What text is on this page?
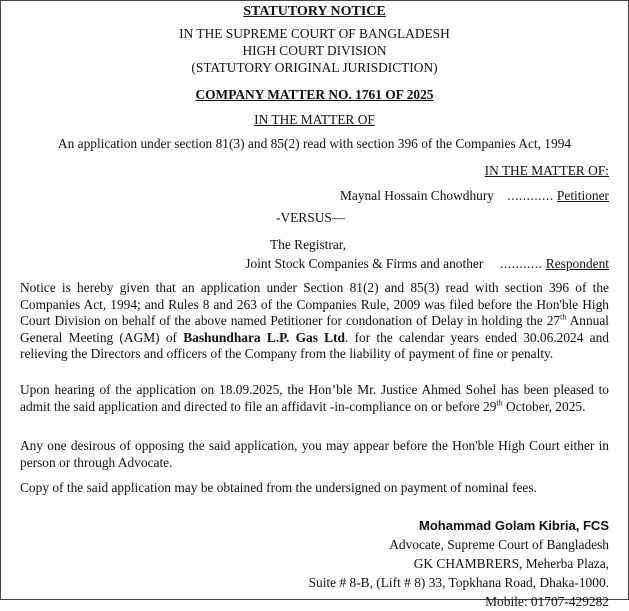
STATUTORY NOTICE
IN THE SUPREME COURT OF BANGLADESH
HIGH COURT DIVISION
(STATUTORY ORIGINAL JURISDICTION)
COMPANY MATTER NO. 1761 OF 2025
IN THE MATTER OF
An application under section 81(3) and 85(2) read with section 396 of the Companies Act, 1994
IN THE MATTER OF:
Maynal Hossain Chowdhury ............ Petitioner
-VERSUS—
The Registrar,
Joint Stock Companies & Firms and another ........... Respondent
Notice is hereby given that an application under Section 81(2) and 85(3) read with section 396 of the Companies Act, 1994; and Rules 8 and 263 of the Companies Rule, 2009 was filed before the Hon'ble High Court Division on behalf of the above named Petitioner for condonation of Delay in holding the 27th Annual General Meeting (AGM) of Bashundhara L.P. Gas Ltd. for the calendar years ended 30.06.2024 and relieving the Directors and officers of the Company from the liability of payment of fine or penalty.
Upon hearing of the application on 18.09.2025, the Hon’ble Mr. Justice Ahmed Sohel has been pleased to admit the said application and directed to file an affidavit -in-compliance on or before 29th October, 2025.
Any one desirous of opposing the said application, you may appear before the Hon'ble High Court either in person or through Advocate.
Copy of the said application may be obtained from the undersigned on payment of nominal fees.
Mohammad Golam Kibria, FCS
Advocate, Supreme Court of Bangladesh
GK CHAMBRERS, Meherba Plaza,
Suite # 8-B, (Lift # 8) 33, Topkhana Road, Dhaka-1000.
Mobile: 01707-429282
